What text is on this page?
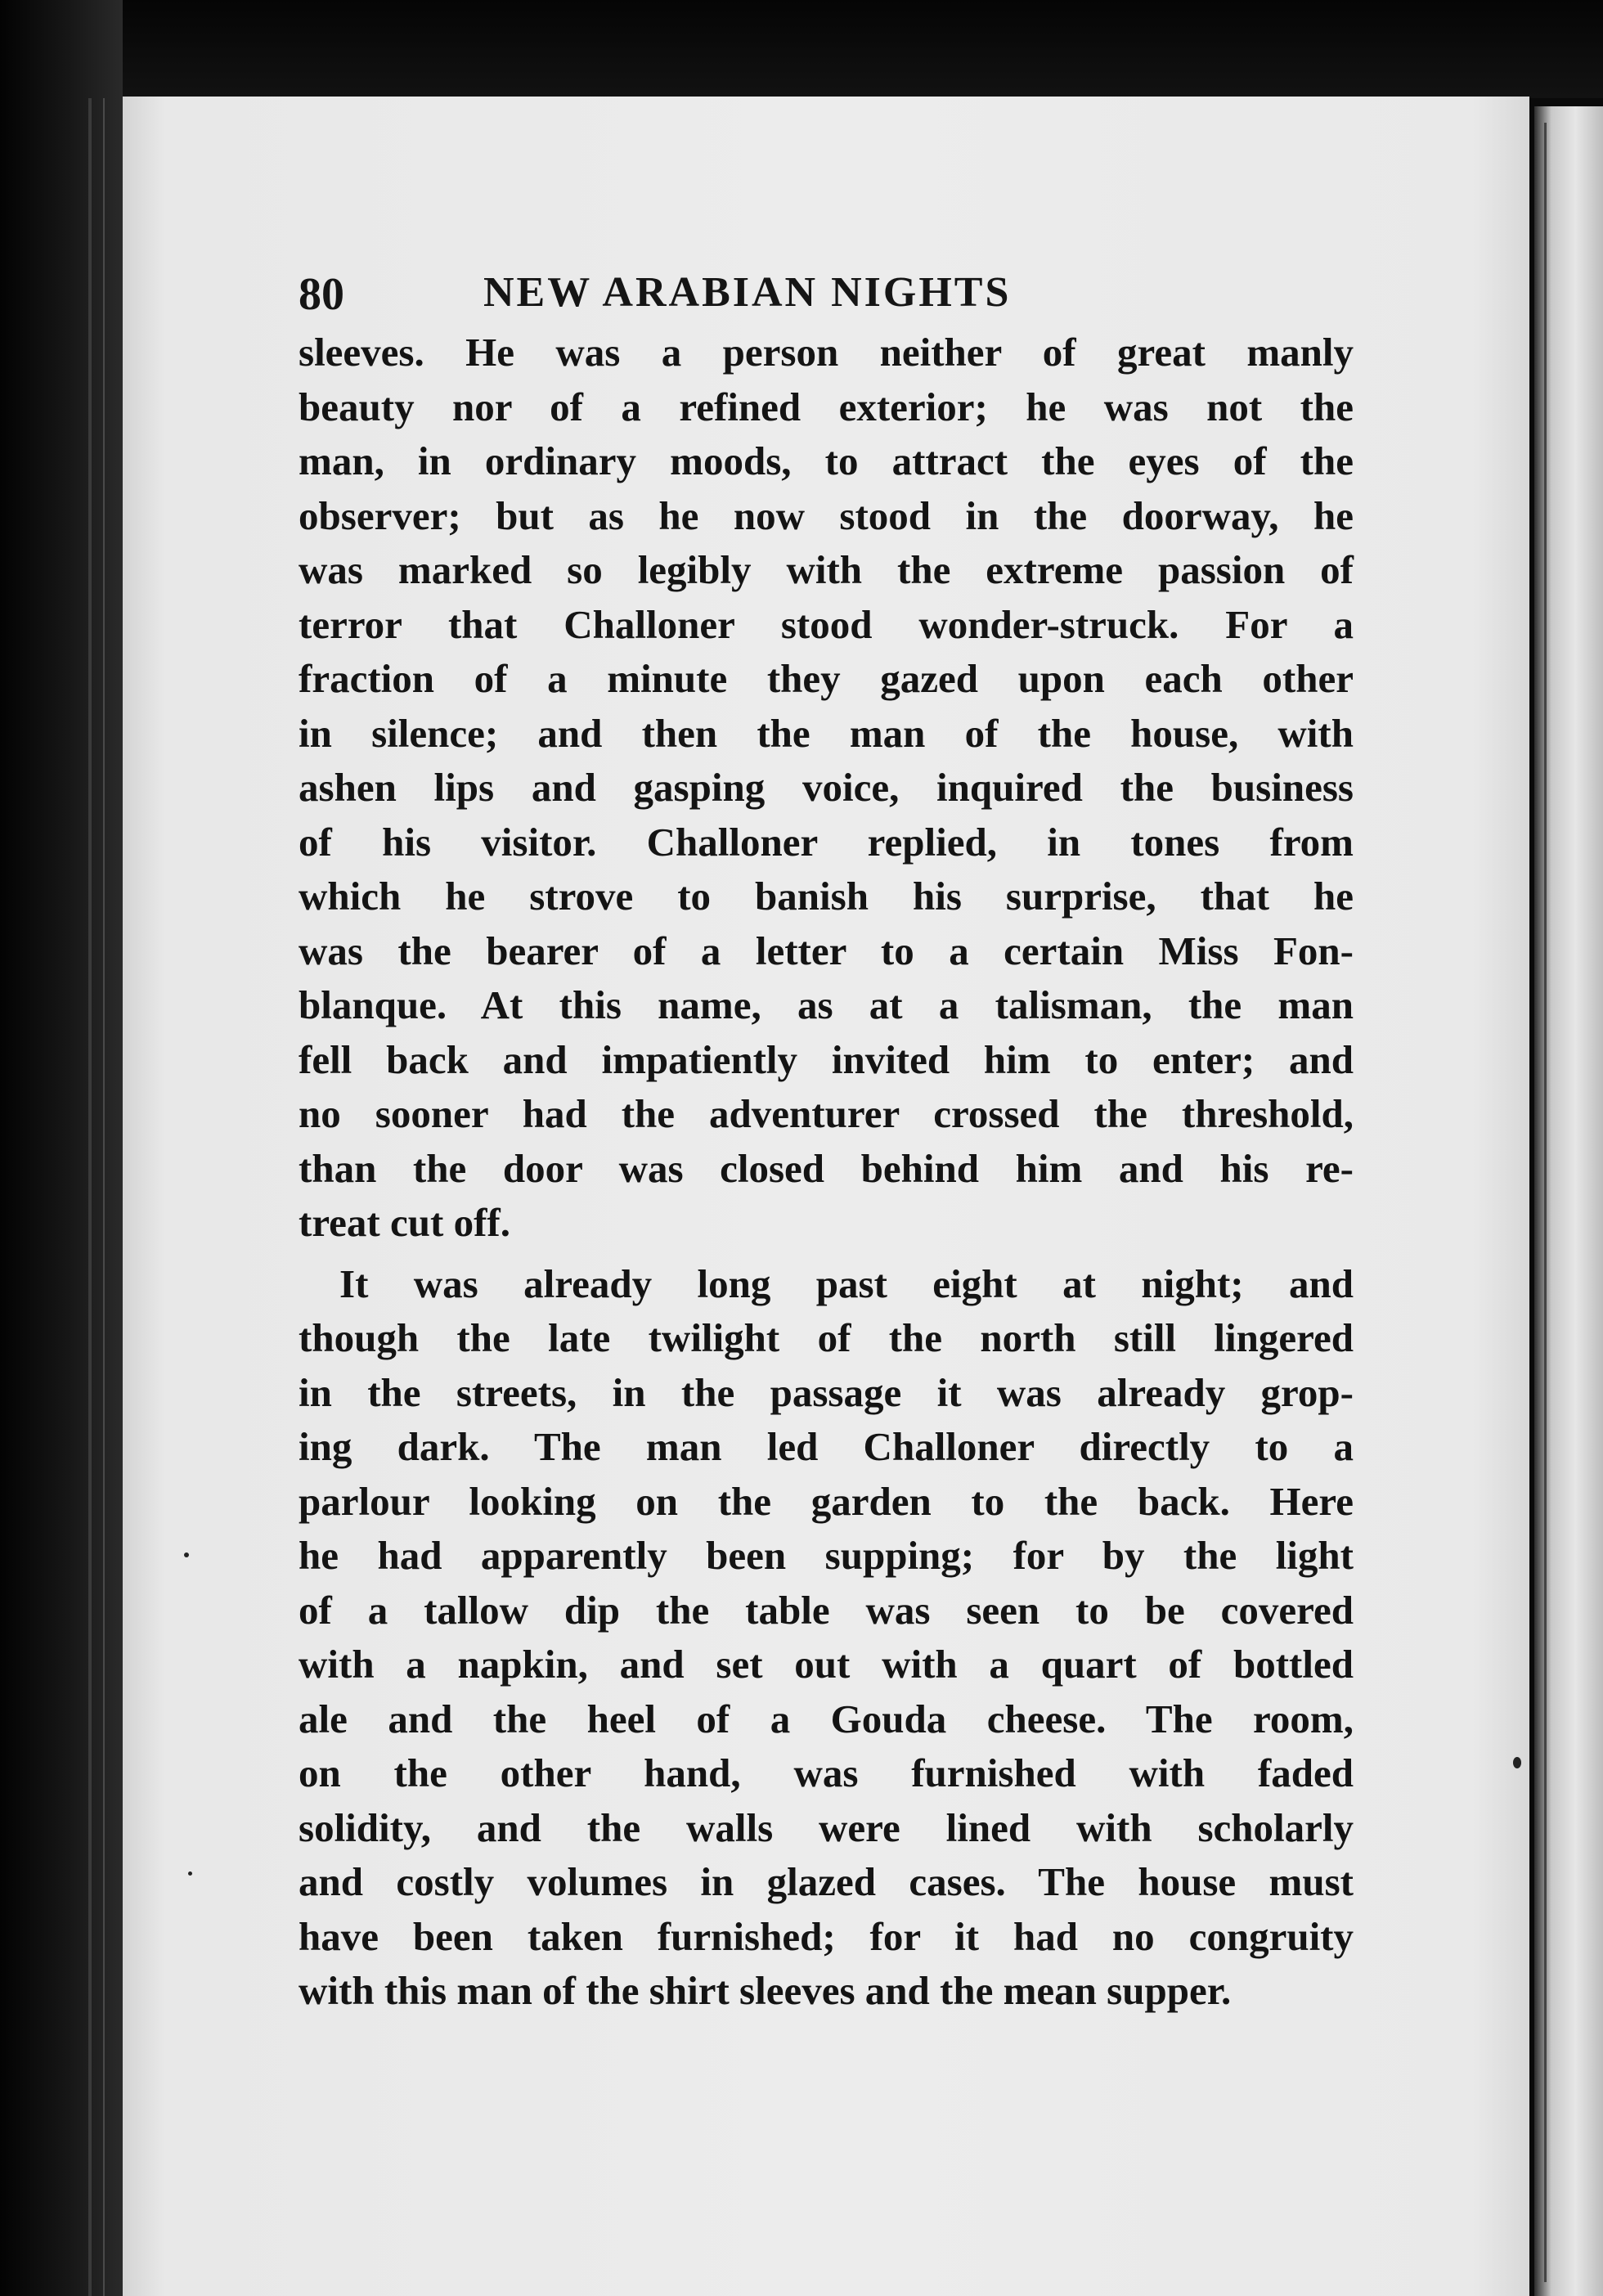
80	NEW ARABIAN NIGHTS
sleeves. He was a person neither of great manly
beauty nor of a refined exterior; he was not the
man, in ordinary moods, to attract the eyes of the
observer; but as he now stood in the doorway, he
was marked so legibly with the extreme passion of
terror that Challoner stood wonder-struck. For a
fraction of a minute they gazed upon each other
in silence; and then the man of the house, with
ashen lips and gasping voice, inquired the business
of his visitor. Challoner replied, in tones from
which he strove to banish his surprise, that he
was the bearer of a letter to a certain Miss Fon-
blanque. At this name, as at a talisman, the man
fell back and impatiently invited him to enter; and
no sooner had the adventurer crossed the threshold,
than the door was closed behind him and his re-
treat cut off.
It was already long past eight at night; and
though the late twilight of the north still lingered
in the streets, in the passage it was already grop-
ing dark. The man led Challoner directly to a
parlour looking on the garden to the back. Here
he had apparently been supping; for by the light
of a tallow dip the table was seen to be covered
with a napkin, and set out with a quart of bottled
ale and the heel of a Gouda cheese. The room,
on the other hand, was furnished with faded
solidity, and the walls were lined with scholarly
and costly volumes in glazed cases. The house must
have been taken furnished; for it had no congruity
with this man of the shirt sleeves and the mean supper.
